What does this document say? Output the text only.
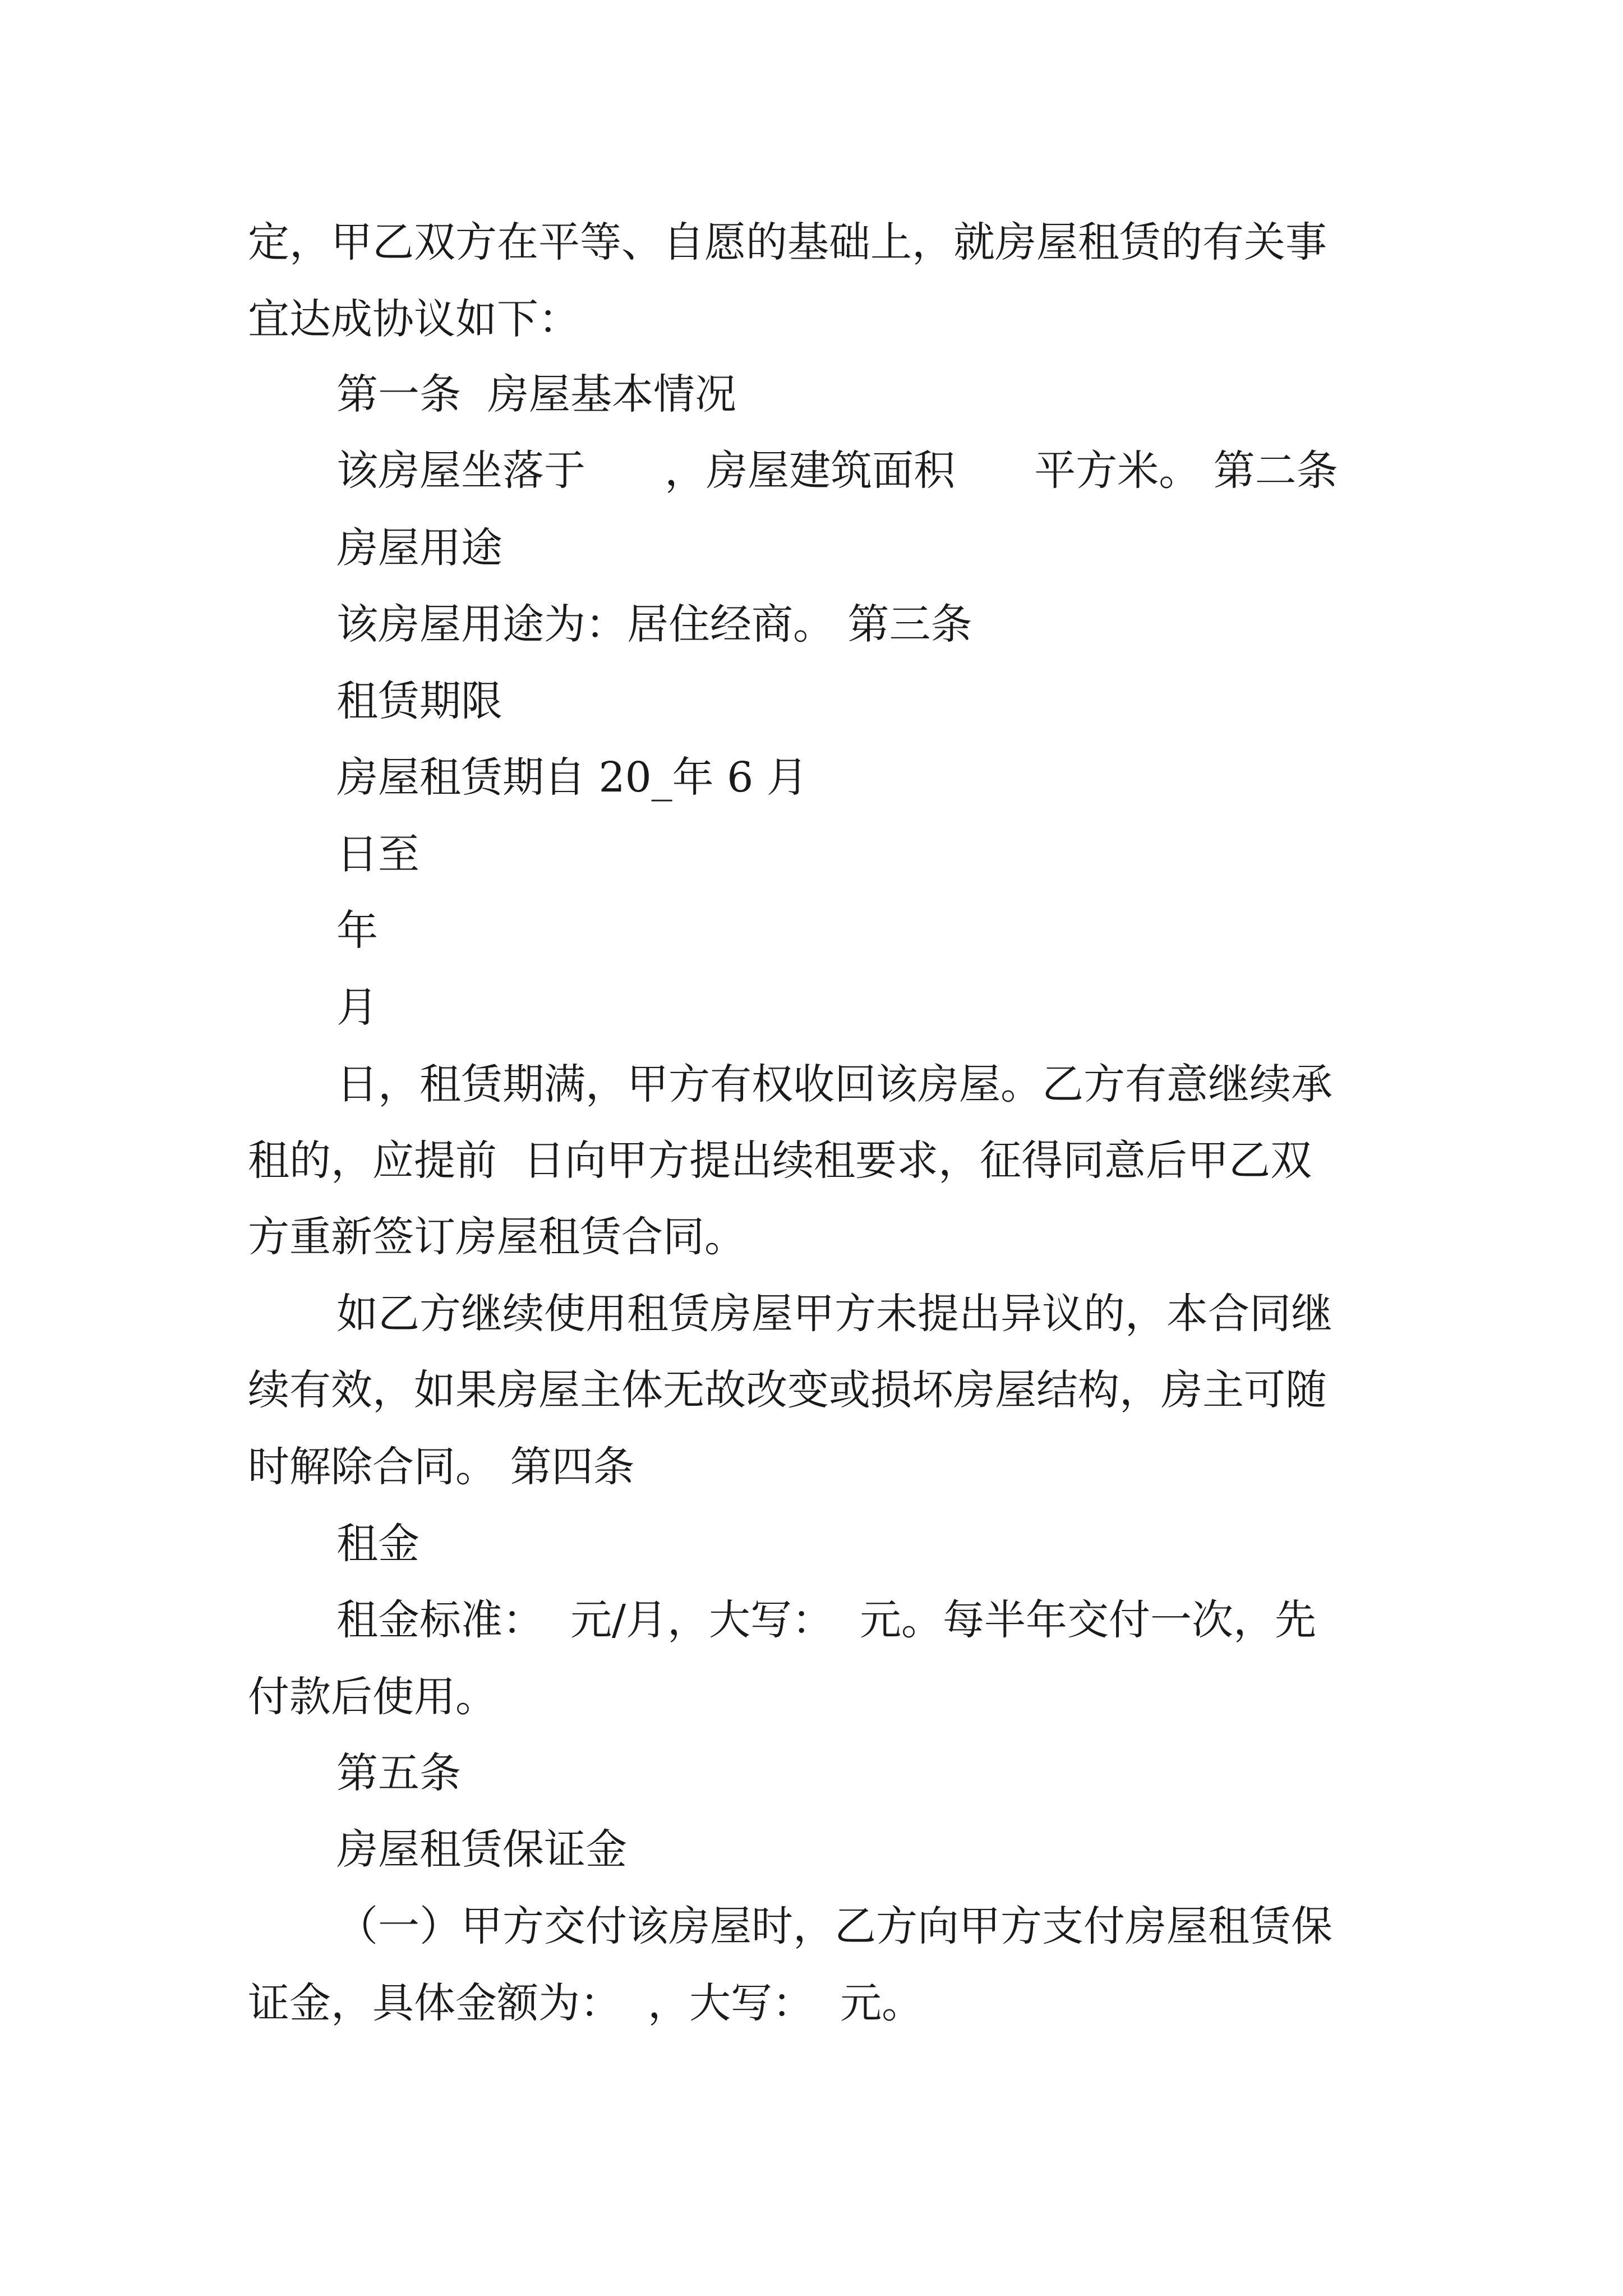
定，甲乙双方在平等、自愿的基础上，就房屋租赁的有关事
宜达成协议如下：
第一条  房屋基本情况
该房屋坐落于      ，房屋建筑面积      平方米。 第二条
房屋用途
该房屋用途为：居住经商。 第三条
租赁期限
房屋租赁期自 20_年 6 月
日至
年
月
日，租赁期满，甲方有权收回该房屋。乙方有意继续承
租的，应提前  日向甲方提出续租要求，征得同意后甲乙双
方重新签订房屋租赁合同。
如乙方继续使用租赁房屋甲方未提出异议的，本合同继
续有效，如果房屋主体无故改变或损坏房屋结构，房主可随
时解除合同。 第四条
租金
租金标准：  元/月，大写：  元。每半年交付一次，先
付款后使用。
第五条
房屋租赁保证金
（一）甲方交付该房屋时，乙方向甲方支付房屋租赁保
证金，具体金额为：  ，大写：  元。
